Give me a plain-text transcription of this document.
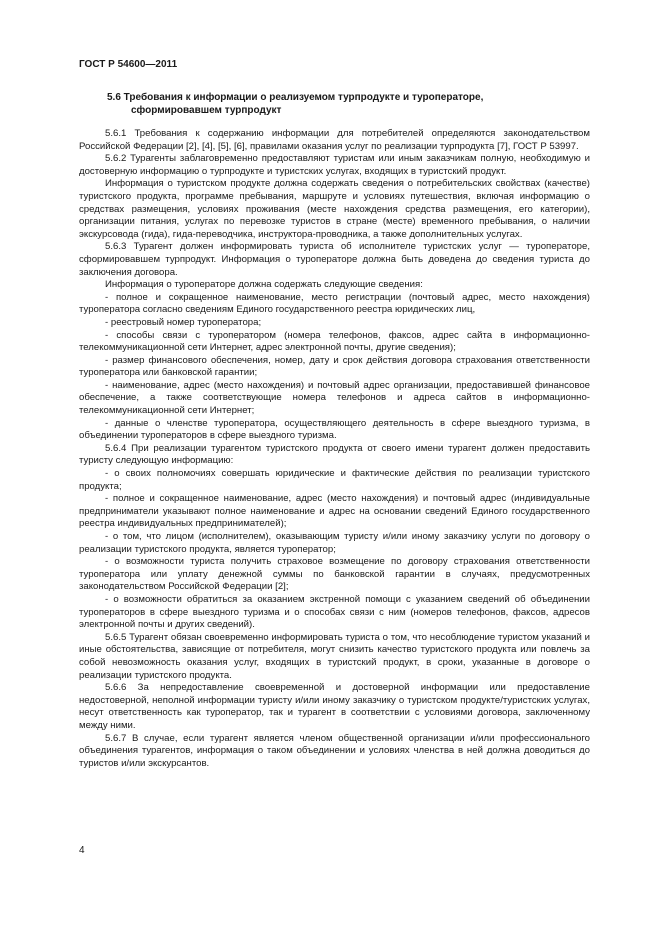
ГОСТ Р 54600—2011
5.6 Требования к информации о реализуемом турпродукте и туроператоре,
сформировавшем турпродукт

5.6.1 Требования к содержанию информации для потребителей определяются законодательством Российской Федерации [2], [4], [5], [6], правилами оказания услуг по реализации турпродукта [7], ГОСТ Р 53997.

5.6.2 Турагенты заблаговременно предоставляют туристам или иным заказчикам полную, необходимую и достоверную информацию о турпродукте и туристских услугах, входящих в туристский продукт.

Информация о туристском продукте должна содержать сведения о потребительских свойствах (качестве) туристского продукта, программе пребывания, маршруте и условиях путешествия, включая информацию о средствах размещения, условиях проживания (месте нахождения средства размещения, его категории), организации питания, услугах по перевозке туристов в стране (месте) временного пребывания, о наличии экскурсовода (гида), гида-переводчика, инструктора-проводника, а также дополнительных услугах.

5.6.3 Турагент должен информировать туриста об исполнителе туристских услуг — туроператоре, сформировавшем турпродукт. Информация о туроператоре должна быть доведена до сведения туриста до заключения договора.

Информация о туроператоре должна содержать следующие сведения:

- полное и сокращенное наименование, место регистрации (почтовый адрес, место нахождения) туроператора согласно сведениям Единого государственного реестра юридических лиц,

- реестровый номер туроператора;

- способы связи с туроператором (номера телефонов, факсов, адрес сайта в информационно-телекоммуникационной сети Интернет, адрес электронной почты, другие сведения);

- размер финансового обеспечения, номер, дату и срок действия договора страхования ответственности туроператора или банковской гарантии;

- наименование, адрес (место нахождения) и почтовый адрес организации, предоставившей финансовое обеспечение, а также соответствующие номера телефонов и адреса сайтов в информационно-телекоммуникационной сети Интернет;

- данные о членстве туроператора, осуществляющего деятельность в сфере выездного туризма, в объединении туроператоров в сфере выездного туризма.

5.6.4 При реализации турагентом туристского продукта от своего имени турагент должен предоставить туристу следующую информацию:

- о своих полномочиях совершать юридические и фактические действия по реализации туристского продукта;

- полное и сокращенное наименование, адрес (место нахождения) и почтовый адрес (индивидуальные предприниматели указывают полное наименование и адрес на основании сведений Единого государственного реестра индивидуальных предпринимателей);

- о том, что лицом (исполнителем), оказывающим туристу и/или иному заказчику услуги по договору о реализации туристского продукта, является туроператор;

- о возможности туриста получить страховое возмещение по договору страхования ответственности туроператора или уплату денежной суммы по банковской гарантии в случаях, предусмотренных законодательством Российской Федерации [2];

- о возможности обратиться за оказанием экстренной помощи с указанием сведений об объединении туроператоров в сфере выездного туризма и о способах связи с ним (номеров телефонов, факсов, адресов электронной почты и других сведений).

5.6.5 Турагент обязан своевременно информировать туриста о том, что несоблюдение туристом указаний и иные обстоятельства, зависящие от потребителя, могут снизить качество туристского продукта или повлечь за собой невозможность оказания услуг, входящих в туристский продукт, в сроки, указанные в договоре о реализации туристского продукта.

5.6.6 За непредоставление своевременной и достоверной информации или предоставление недостоверной, неполной информации туристу и/или иному заказчику о туристском продукте/туристских услугах, несут ответственность как туроператор, так и турагент в соответствии с условиями договора, заключенному между ними.

5.6.7 В случае, если турагент является членом общественной организации и/или профессионального объединения турагентов, информация о таком объединении и условиях членства в ней должна доводиться до туристов и/или экскурсантов.

4
